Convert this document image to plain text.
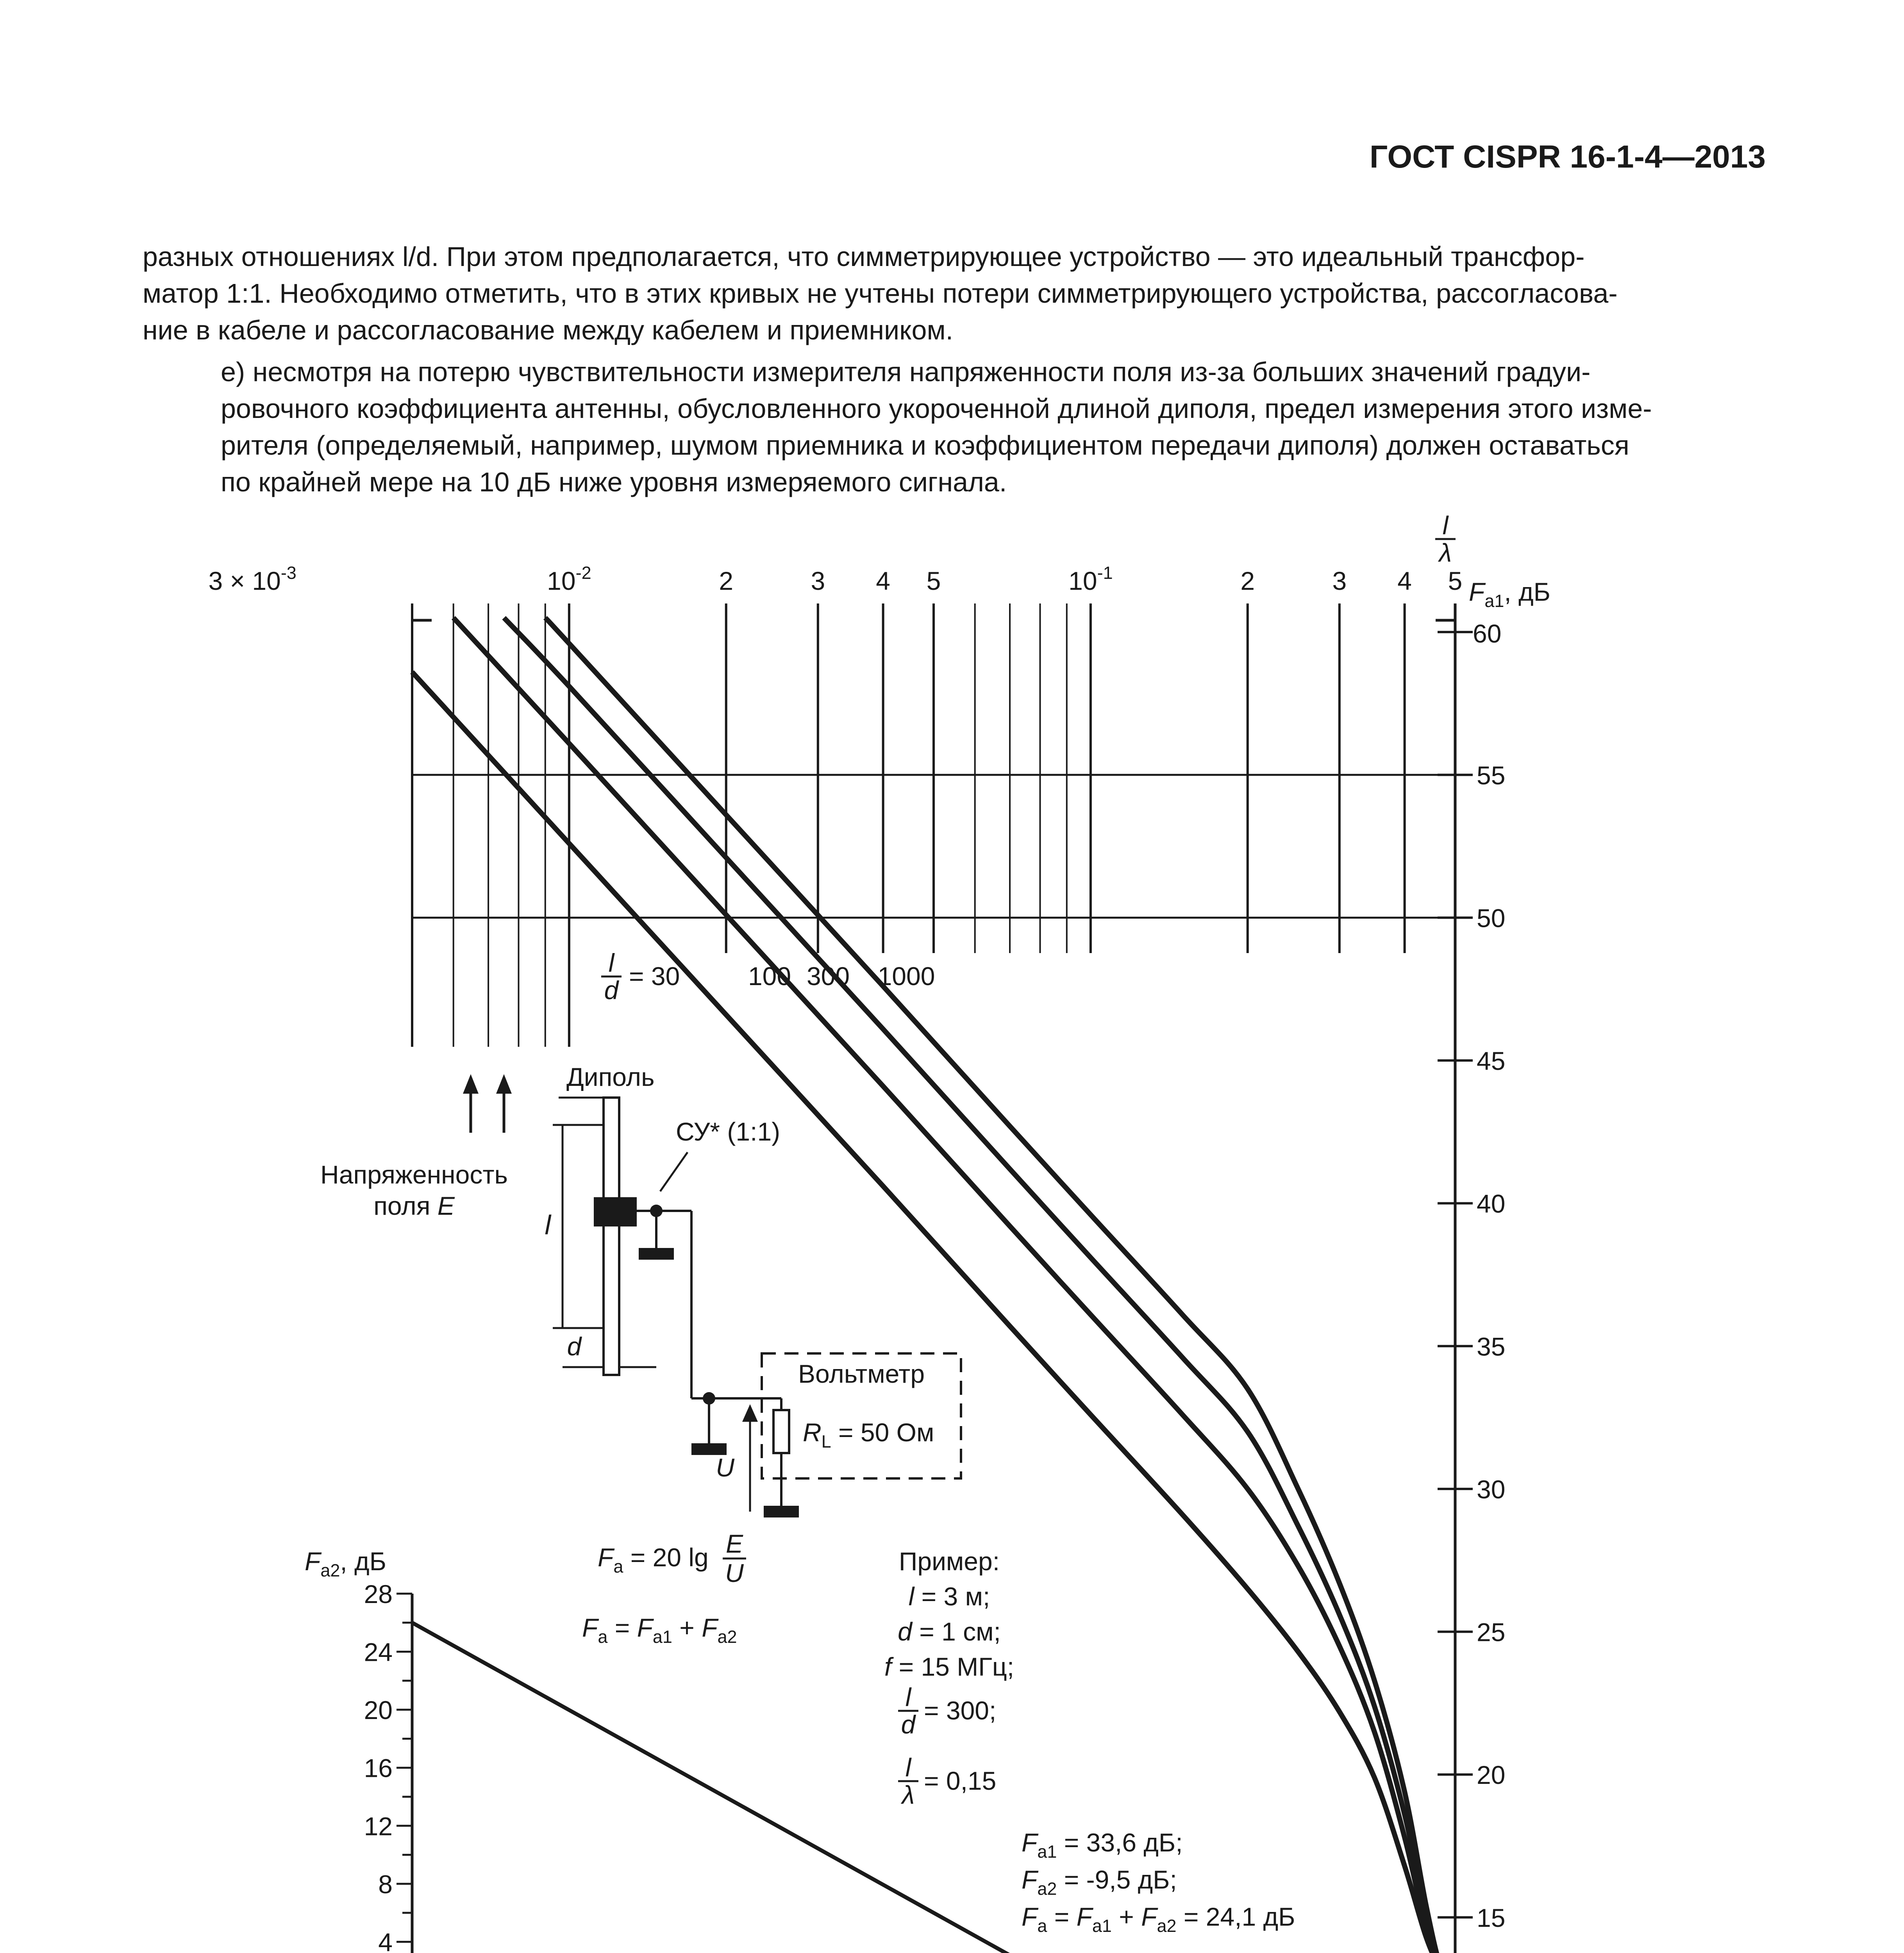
ГОСТ CISPR 16-1-4—2013
разных отношениях l/d. При этом предполагается, что симметрирующее устройство — это идеальный трансфор-
матор 1:1. Необходимо отметить, что в этих кривых не учтены потери симметрирующего устройства, рассогласова-
ние в кабеле и рассогласование между кабелем и приемником.
е) несмотря на потерю чувствительности измерителя напряженности поля из-за больших значений градуи-
ровочного коэффициента антенны, обусловленного укороченной длиной диполя, предел измерения этого изме-
рителя (определяемый, например, шумом приемника и коэффициентом передачи диполя) должен оставаться
по крайней мере на 10 дБ ниже уровня измеряемого сигнала.
15
20
25
30
35
40
45
50
55
60
Fa1, дБ
28
24
20
16
12
8
4
Fa2, дБ
3 × 10-3	10-2	2	3 4 5	10-1	2	3 4 5
l
λ
Напряженность
поля E
Диполь
l
d
СУ* (1:1)
Вольтметр
RL = 50 Ом
U
l
d = 30	100 300 1000
Fa = 20 lg E
U
Fa = Fa1 + Fa2
Пример:
l = 3 м;
d = 1 см;
f = 15 МГц;
l
d = 300;
l
λ = 0,15
Fa1 = 33,6 дБ;
Fa2 = -9,5 дБ;
Fa = Fa1 + Fa2 = 24,1 дБ
